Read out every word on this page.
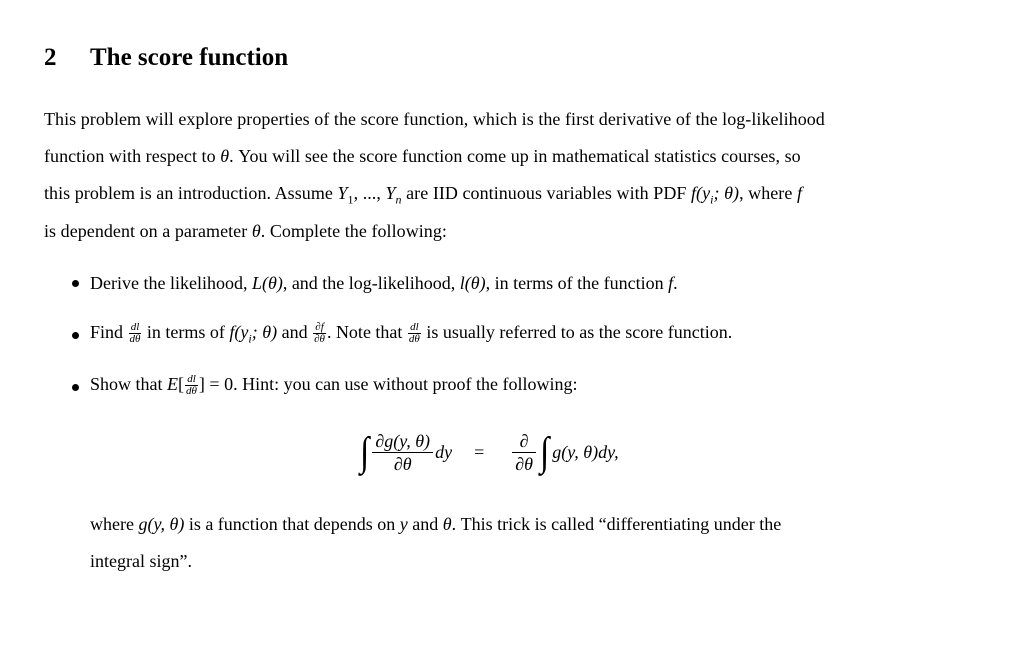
2 The score function
This problem will explore properties of the score function, which is the first derivative of the log-likelihood
function with respect to θ. You will see the score function come up in mathematical statistics courses, so
this problem is an introduction. Assume $Y_1$, ..., $Y_n$ are IID continuous variables with PDF $f(y_i$; θ), where f
is dependent on a parameter θ. Complete the following:
Derive the likelihood, L(θ), and the log-likelihood, l(θ), in terms of the function f.
Find $\frac{dl}{d\theta}$ in terms of $f(y_i$; θ) and $\frac{\partial f}{\partial\theta}$ . Note that $\frac{dl}{d\theta}$ is usually referred to as the score function.
Show that $E[ \frac{dl}{d\theta}$ ] = 0. Hint: you can use without proof the following:
∫ $\frac{\partial g(y, \theta)}{\partial\theta}$ dy =
∂
∂θ ∫ g(y, θ)dy,
where g(y, θ) is a function that depends on y and θ. This trick is called “differentiating under the
integral sign”.
